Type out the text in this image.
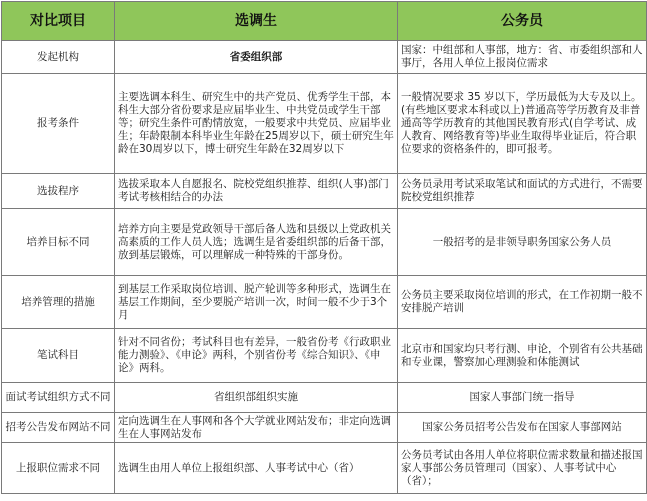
对比项目	选调生	公务员
发起机构	省委组织部	国家：中组部和人事部，地方：省、市委组织部和人事厅，各用人单位上报岗位需求
报考条件	主要选调本科生、研究生中的共产党员、优秀学生干部，本科生大部分省份要求是应届毕业生、中共党员或学生干部等；研究生条件可酌情放宽，一般要求中共党员、应届毕业生；年龄限制本科毕业生年龄在25周岁以下，硕士研究生年龄在30周岁以下，博士研究生年龄在32周岁以下	一般情况要求 35 岁以下，学历最低为大专及以上。(有些地区要求本科或以上)普通高等学历教育及非普通高等学历教育的其他国民教育形式(自学考试、成人教育、网络教育等)毕业生取得毕业证后，符合职位要求的资格条件的，即可报考。
选拔程序	选拔采取本人自愿报名、院校党组织推荐、组织(人事)部门考试考核相结合的办法	公务员录用考试采取笔试和面试的方式进行，不需要院校党组织推荐
培养目标不同	培养方向主要是党政领导干部后备人选和县级以上党政机关高素质的工作人员人选；选调生是省委组织部的后备干部，放到基层锻炼，可以理解成一种特殊的干部身份。	一般招考的是非领导职务国家公务人员
培养管理的措施	到基层工作采取岗位培训、脱产轮训等多种形式，选调生在基层工作期间，至少要脱产培训一次，时间一般不少于3个月	公务员主要采取岗位培训的形式，在工作初期一般不安排脱产培训
笔试科目	针对不同省份；考试科目也有差异，一般省份考《行政职业能力测验》、《申论》两科，个别省份考《综合知识》、《申论》两科。	北京市和国家均只考行测、申论，个别省有公共基础和专业课，警察加心理测验和体能测试
面试考试组织方式不同	省组织部组织实施	国家人事部门统一指导
招考公告发布网站不同	定向选调生在人事网和各个大学就业网站发布；非定向选调生在人事网站发布	国家公务员招考公告发布在国家人事部网站
上报职位需求不同	选调生由用人单位上报组织部、人事考试中心（省）	公务员考试由各用人单位将职位需求数量和描述报国家人事部公务员管理司（国家）、人事考试中心（省）；
